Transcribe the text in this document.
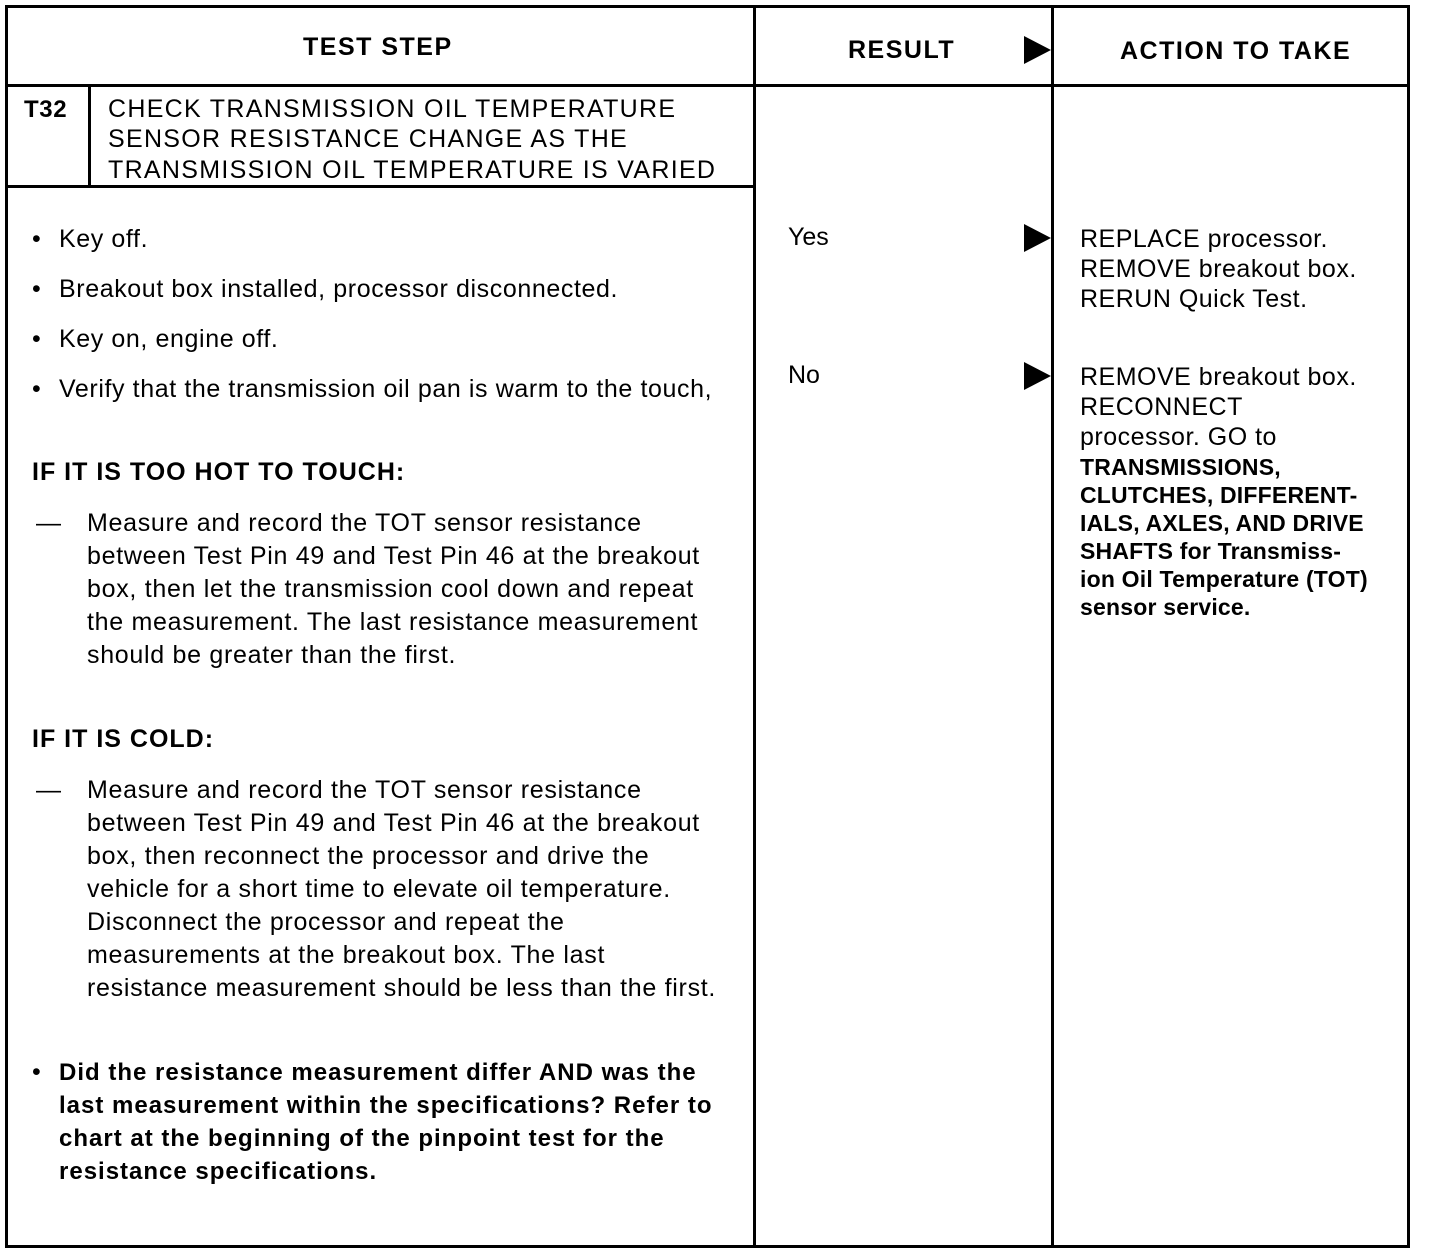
TEST STEP	RESULT	ACTION TO TAKE
T32 CHECK TRANSMISSION OIL TEMPERATURE
SENSOR RESISTANCE CHANGE AS THE
TRANSMISSION OIL TEMPERATURE IS VARIED
• Key off.
• Breakout box installed, processor disconnected.
• Key on, engine off.
• Verify that the transmission oil pan is warm to the touch,
IF IT IS TOO HOT TO TOUCH:
— Measure and record the TOT sensor resistance between Test Pin 49 and Test Pin 46 at the breakout box, then let the transmission cool down and repeat the measurement. The last resistance measurement should be greater than the first.
IF IT IS COLD:
— Measure and record the TOT sensor resistance between Test Pin 49 and Test Pin 46 at the breakout box, then reconnect the processor and drive the vehicle for a short time to elevate oil temperature. Disconnect the processor and repeat the measurements at the breakout box. The last resistance measurement should be less than the first.
• Did the resistance measurement differ AND was the last measurement within the specifications? Refer to chart at the beginning of the pinpoint test for the resistance specifications.
Yes
No
REPLACE processor.
REMOVE breakout box.
RERUN Quick Test.
REMOVE breakout box.
RECONNECT
processor. GO to
TRANSMISSIONS,
CLUTCHES, DIFFERENT-
IALS, AXLES, AND DRIVE
SHAFTS for Transmiss-
ion Oil Temperature (TOT)
sensor service.
